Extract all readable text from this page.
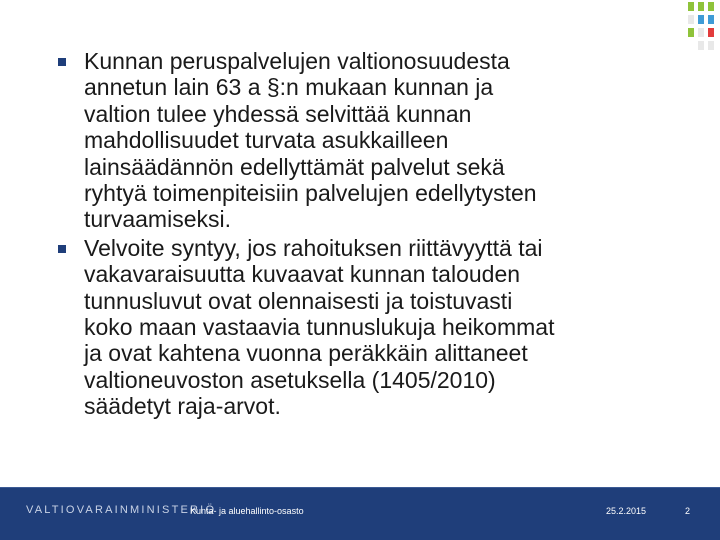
Kunnan peruspalvelujen valtionosuudesta
annetun lain 63 a §:n mukaan kunnan ja
valtion tulee yhdessä selvittää kunnan
mahdollisuudet turvata asukkailleen
lainsäädännön edellyttämät palvelut sekä
ryhtyä toimenpiteisiin palvelujen edellytysten
turvaamiseksi.
Velvoite syntyy, jos rahoituksen riittävyyttä tai
vakavaraisuutta kuvaavat kunnan talouden
tunnusluvut ovat olennaisesti ja toistuvasti
koko maan vastaavia tunnuslukuja heikommat
ja ovat kahtena vuonna peräkkäin alittaneet
valtioneuvoston asetuksella (1405/2010)
säädetyt raja-arvot.
VALTIOVARAINMINISTERIÖ
Kunta- ja aluehallinto-osasto	25.2.2015	2
